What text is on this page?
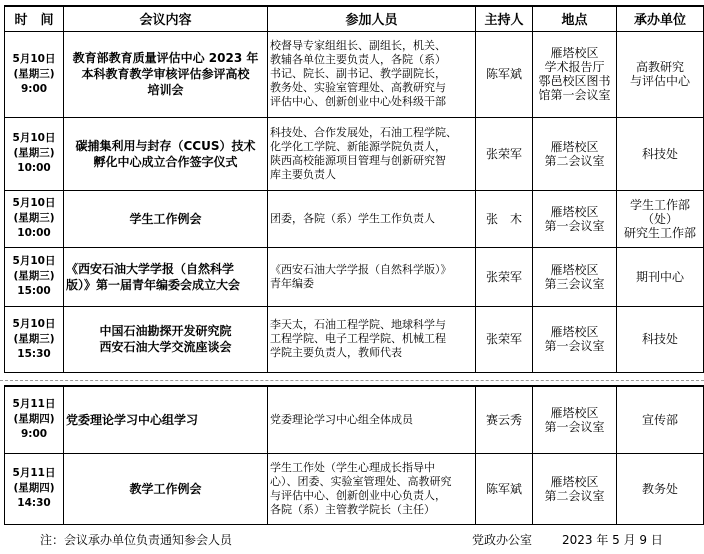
时　间	会议内容	参加人员	主持人	地点	承办单位

5月10日
(星期三)
9:00	教育部教育质量评估中心 2023 年
本科教育教学审核评估参评高校
培训会	校督导专家组组长、副组长，机关、
教辅各单位主要负责人，各院（系）
书记、院长、副书记、教学副院长，
教务处、实验室管理处、高教研究与
评估中心、创新创业中心处科级干部	陈军斌	雁塔校区
学术报告厅
鄠邑校区图书
馆第一会议室	高教研究
与评估中心

5月10日
(星期三)
10:00	碳捕集利用与封存（CCUS）技术
孵化中心成立合作签字仪式	科技处、合作发展处，石油工程学院、
化学化工学院、新能源学院负责人，
陕西高校能源项目管理与创新研究智
库主要负责人	张荣军	雁塔校区
第二会议室	科技处

5月10日
(星期三)
10:00	学生工作例会	团委，各院（系）学生工作负责人	张　木	雁塔校区
第一会议室	学生工作部
（处）
研究生工作部

5月10日
(星期三)
15:00	《西安石油大学学报（自然科学
版）》第一届青年编委会成立大会	《西安石油大学学报（自然科学版）》
青年编委	张荣军	雁塔校区
第三会议室	期刊中心

5月10日
(星期三)
15:30	中国石油勘探开发研究院
西安石油大学交流座谈会	李天太，石油工程学院、地球科学与
工程学院、电子工程学院、机械工程
学院主要负责人，教师代表	张荣军	雁塔校区
第一会议室	科技处
5月11日
(星期四)
9:00	党委理论学习中心组学习	党委理论学习中心组全体成员	赛云秀	雁塔校区
第一会议室	宣传部

5月11日
(星期四)
14:30	教学工作例会	学生工作处（学生心理成长指导中
心）、团委、实验室管理处、高教研究
与评估中心、创新创业中心负责人，
各院（系）主管教学院长（主任）	陈军斌	雁塔校区
第二会议室	教务处
注：会议承办单位负责通知参会人员	党政办公室 2023 年 5 月 9 日
